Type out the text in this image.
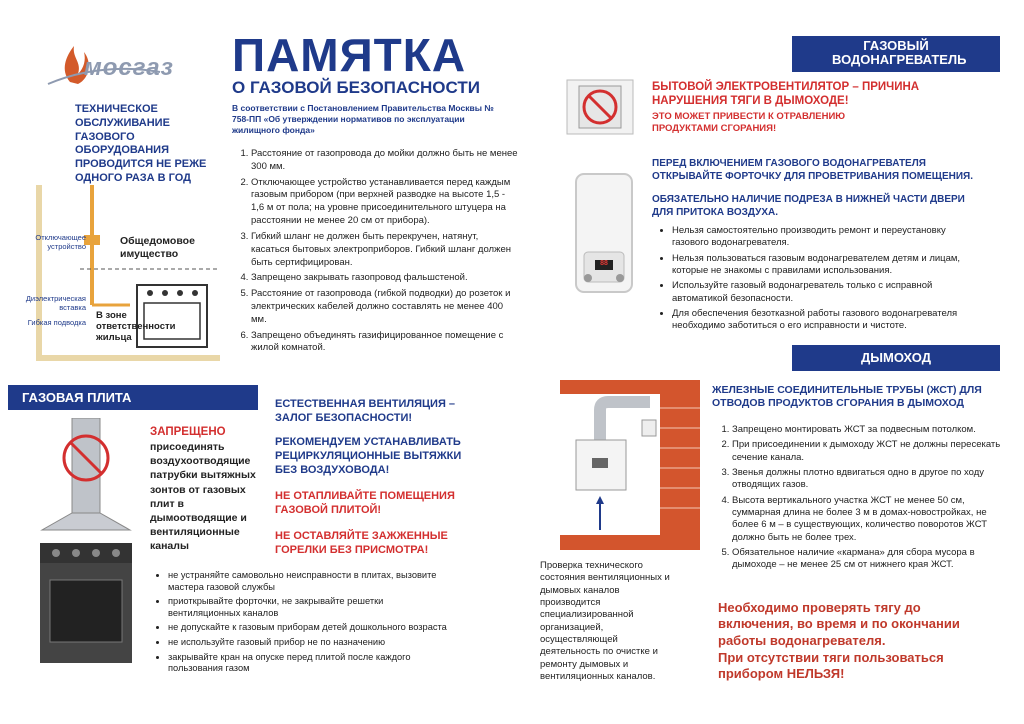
мосгаз
ТЕХНИЧЕСКОЕ ОБСЛУЖИВАНИЕ ГАЗОВОГО ОБОРУДОВАНИЯ ПРОВОДИТСЯ НЕ РЕЖЕ ОДНОГО РАЗА В ГОД
Отключающее устройство	Общедомовое имущество
Диэлектрическая вставка
Гибкая подводка
В зоне ответственности жильца
ПАМЯТКА
О ГАЗОВОЙ БЕЗОПАСНОСТИ
В соответствии с Постановлением Правительства Москвы № 758-ПП «Об утверждении нормативов по эксплуатации жилищного фонда»
1. Расстояние от газопровода до мойки должно быть не менее 300 мм.
2. Отключающее устройство устанавливается перед каждым газовым прибором (при верхней разводке на высоте 1,5 - 1,6 м от пола; на уровне присоединительного штуцера на расстоянии не менее 20 см от прибора).
3. Гибкий шланг не должен быть перекручен, натянут, касаться бытовых электроприборов. Гибкий шланг должен быть сертифицирован.
4. Запрещено закрывать газопровод фальшстеной.
5. Расстояние от газопровода (гибкой подводки) до розеток и электрических кабелей должно составлять не менее 400 мм.
6. Запрещено объединять газифицированное помещение с жилой комнатой.
ГАЗОВЫЙ ВОДОНАГРЕВАТЕЛЬ
БЫТОВОЙ ЭЛЕКТРОВЕНТИЛЯТОР – ПРИЧИНА НАРУШЕНИЯ ТЯГИ В ДЫМОХОДЕ!
ЭТО МОЖЕТ ПРИВЕСТИ К ОТРАВЛЕНИЮ ПРОДУКТАМИ СГОРАНИЯ!
88
ПЕРЕД ВКЛЮЧЕНИЕМ ГАЗОВОГО ВОДОНАГРЕВАТЕЛЯ ОТКРЫВАЙТЕ ФОРТОЧКУ ДЛЯ ПРОВЕТРИВАНИЯ ПОМЕЩЕНИЯ.
ОБЯЗАТЕЛЬНО НАЛИЧИЕ ПОДРЕЗА В НИЖНЕЙ ЧАСТИ ДВЕРИ ДЛЯ ПРИТОКА ВОЗДУХА.
• Нельзя самостоятельно производить ремонт и переустановку газового водонагревателя.
• Нельзя пользоваться газовым водонагревателем детям и лицам, которые не знакомы с правилами использования.
• Используйте газовый водонагреватель только с исправной автоматикой безопасности.
• Для обеспечения безотказной работы газового водонагревателя необходимо заботиться о его исправности и чистоте.
ГАЗОВАЯ ПЛИТА
ЗАПРЕЩЕНО
присоединять воздухоотводящие патрубки вытяжных зонтов от газовых плит в дымоотводящие и вентиляционные каналы
ЕСТЕСТВЕННАЯ ВЕНТИЛЯЦИЯ – ЗАЛОГ БЕЗОПАСНОСТИ!
РЕКОМЕНДУЕМ УСТАНАВЛИВАТЬ РЕЦИРКУЛЯЦИОННЫЕ ВЫТЯЖКИ БЕЗ ВОЗДУХОВОДА!
НЕ ОТАПЛИВАЙТЕ ПОМЕЩЕНИЯ ГАЗОВОЙ ПЛИТОЙ!
НЕ ОСТАВЛЯЙТЕ ЗАЖЖЕННЫЕ ГОРЕЛКИ БЕЗ ПРИСМОТРА!
• не устраняйте самовольно неисправности в плитах, вызовите мастера газовой службы
• приоткрывайте форточки, не закрывайте решетки вентиляционных каналов
• не допускайте к газовым приборам детей дошкольного возраста
• не используйте газовый прибор не по назначению
• закрывайте кран на опуске перед плитой после каждого пользования газом
ДЫМОХОД
Проверка технического состояния вентиляционных и дымовых каналов производится специализированной организацией, осуществляющей деятельность по очистке и ремонту дымовых и вентиляционных каналов.
ЖЕЛЕЗНЫЕ СОЕДИНИТЕЛЬНЫЕ ТРУБЫ (ЖСТ) ДЛЯ ОТВОДОВ ПРОДУКТОВ СГОРАНИЯ В ДЫМОХОД
1. Запрещено монтировать ЖСТ за подвесным потолком.
2. При присоединении к дымоходу ЖСТ не должны пересекать сечение канала.
3. Звенья должны плотно вдвигаться одно в другое по ходу отводящих газов.
4. Высота вертикального участка ЖСТ не менее 50 см, суммарная длина не более 3 м в домах-новостройках, не более 6 м – в существующих, количество поворотов ЖСТ должно быть не более трех.
5. Обязательное наличие «кармана» для сбора мусора в дымоходе – не менее 25 см от нижнего края ЖСТ.
Необходимо проверять тягу до включения, во время и по окончании работы водонагревателя.
При отсутствии тяги пользоваться прибором НЕЛЬЗЯ!
